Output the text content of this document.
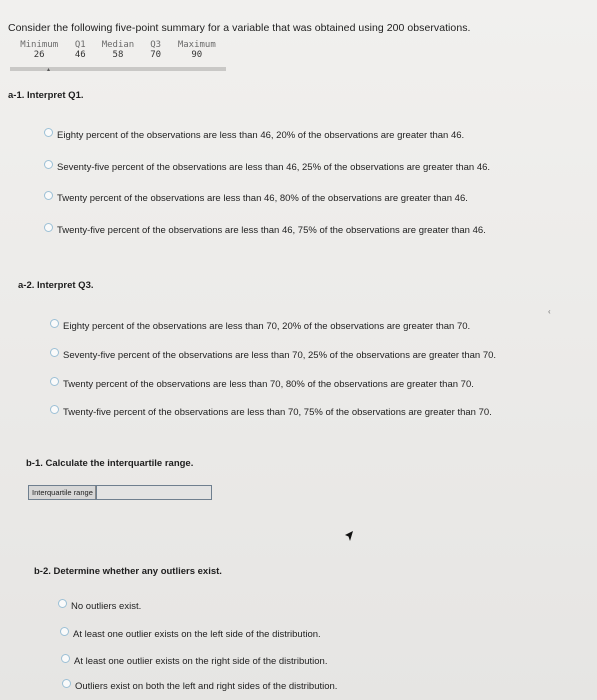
Consider the following five-point summary for a variable that was obtained using 200 observations.
Minimum	Q1	Median	Q3	Maximum
26	46	58	70	90
▴
a-1. Interpret Q1.
Eighty percent of the observations are less than 46, 20% of the observations are greater than 46.
Seventy-five percent of the observations are less than 46, 25% of the observations are greater than 46.
Twenty percent of the observations are less than 46, 80% of the observations are greater than 46.
Twenty-five percent of the observations are less than 46, 75% of the observations are greater than 46.
a-2. Interpret Q3.
‹
Eighty percent of the observations are less than 70, 20% of the observations are greater than 70.
Seventy-five percent of the observations are less than 70, 25% of the observations are greater than 70.
Twenty percent of the observations are less than 70, 80% of the observations are greater than 70.
Twenty-five percent of the observations are less than 70, 75% of the observations are greater than 70.
b-1. Calculate the interquartile range.
Interquartile range
b-2. Determine whether any outliers exist.
No outliers exist.
At least one outlier exists on the left side of the distribution.
At least one outlier exists on the right side of the distribution.
Outliers exist on both the left and right sides of the distribution.
